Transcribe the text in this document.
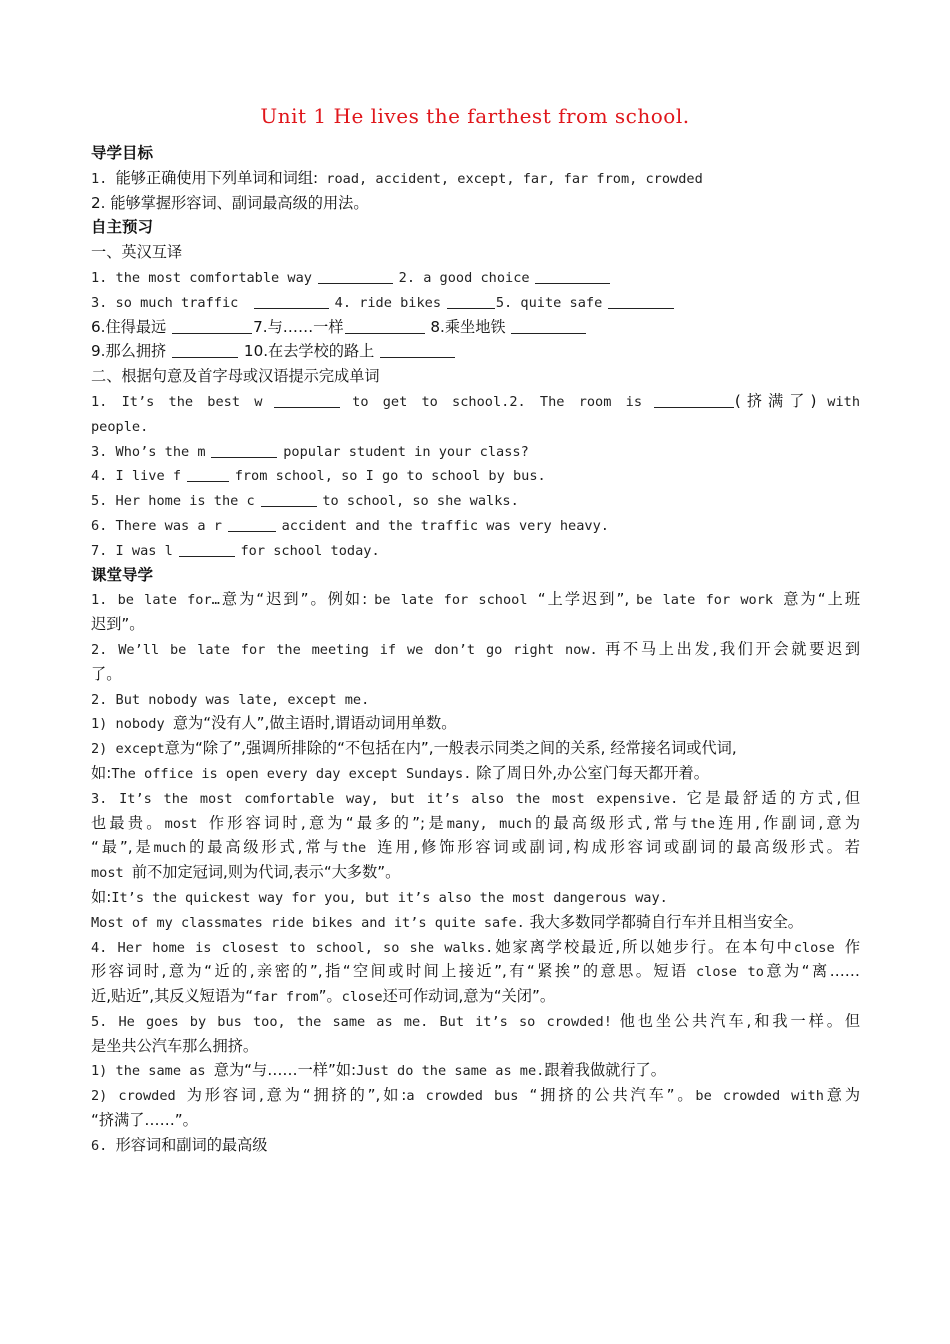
Unit 1 He lives the farthest from school.
导学目标
1. 能够正确使用下列单词和词组: road, accident, except, far, far from, crowded
2. 能够掌握形容词、副词最高级的用法。
自主预习
一、英汉互译
1. the most comfortable way	2. a good choice
3. so much traffic	4. ride bikes	5. quite safe
6.住得最远	7.与……一样	8.乘坐地铁
9.那么拥挤	10.在去学校的路上
二、根据句意及首字母或汉语提示完成单词
1. It’s the best w	to get to school.2. The room is	(挤满了) with
people.
3. Who’s the m	popular student in your class?
4. I live f	from school, so I go to school by bus.
5. Her home is the c	to school, so she walks.
6. There was a r	accident and the traffic was very heavy.
7. I was l	for school today.
课堂导学
1. be late for…意为“迟到”。例如: be late for school “上学迟到”, be late for work 意为“上班
迟到”。
2. We’ll be late for the meeting if we don’t go right now. 再不马上出发,我们开会就要迟到
了。
2. But nobody was late, except me.
1) nobody 意为“没有人”,做主语时,谓语动词用单数。
2) except意为“除了”,强调所排除的“不包括在内”,一般表示同类之间的关系, 经常接名词或代词,
如:The office is open every day except Sundays. 除了周日外,办公室门每天都开着。
3. It’s the most comfortable way, but it’s also the most expensive. 它是最舒适的方式,但
也最贵。most 作形容词时,意为“最多的”;是many, much的最高级形式,常与the连用,作副词,意为
“最”,是much的最高级形式,常与the 连用,修饰形容词或副词,构成形容词或副词的最高级形式。若
most 前不加定冠词,则为代词,表示“大多数”。
如:It’s the quickest way for you, but it’s also the most dangerous way.
Most of my classmates ride bikes and it’s quite safe. 我大多数同学都骑自行车并且相当安全。
4. Her home is closest to school, so she walks.她家离学校最近,所以她步行。在本句中close 作
形容词时,意为“近的,亲密的”,指“空间或时间上接近”,有“紧挨”的意思。短语 close to意为“离……
近,贴近”,其反义短语为“far from”。close还可作动词,意为“关闭”。
5. He goes by bus too, the same as me. But it’s so crowded! 他也坐公共汽车,和我一样。但
是坐共公汽车那么拥挤。
1) the same as 意为“与……一样”如:Just do the same as me.跟着我做就行了。
2) crowded 为形容词,意为“拥挤的”,如:a crowded bus “拥挤的公共汽车”。be crowded with意为
“挤满了……”。
6. 形容词和副词的最高级
